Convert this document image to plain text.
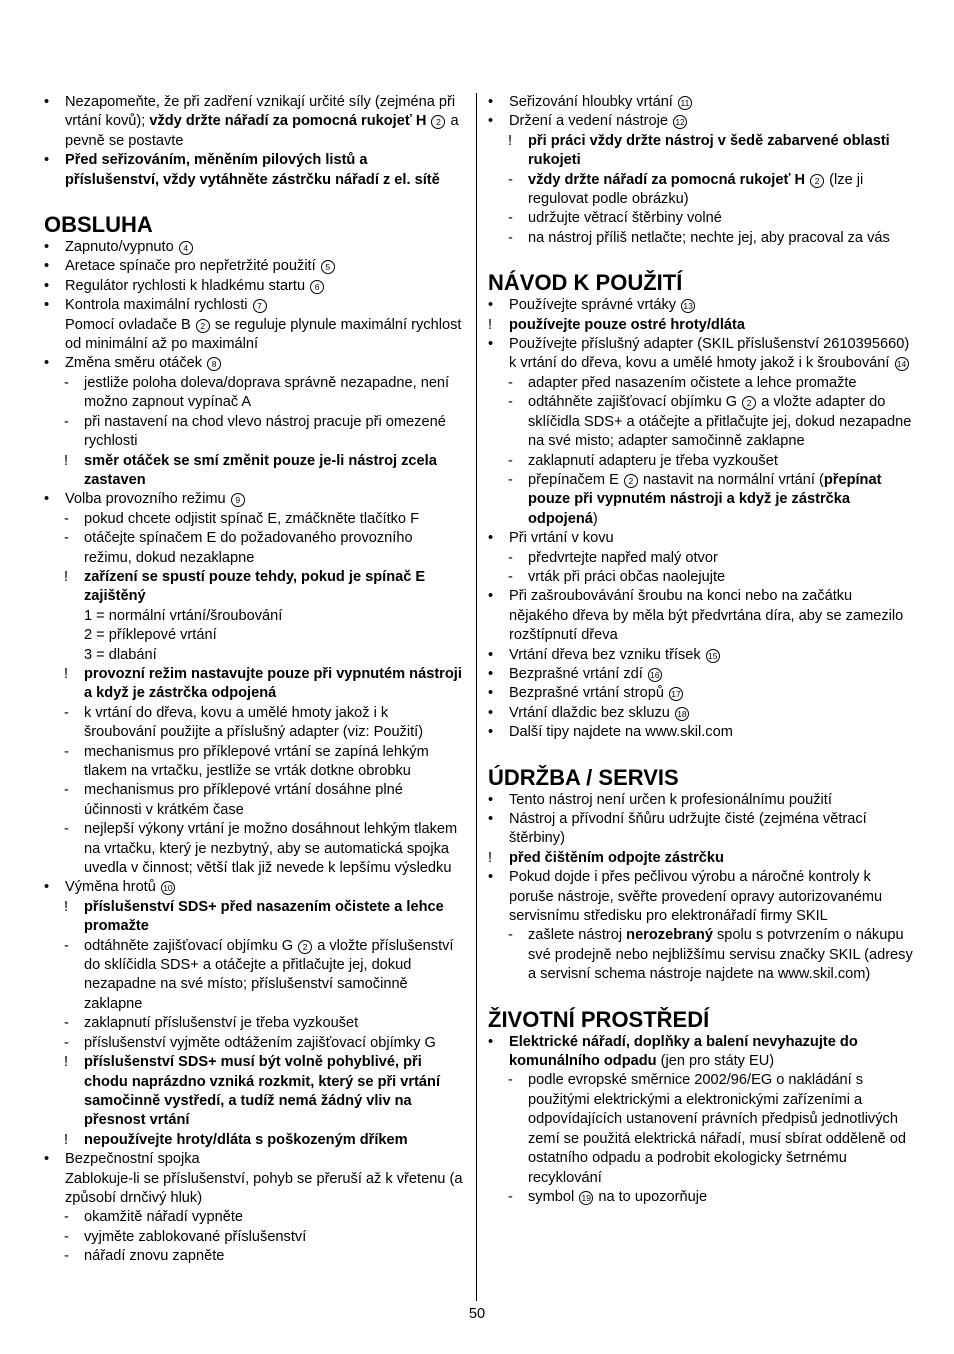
• Nezapomeňte, že při zadření vznikají určité síly (zejména při vrtání kovů); vždy držte nářadí za pomocná rukojeť H 2 a pevně se postavte
• Před seřizováním, měněním pilových listů a příslušenství, vždy vytáhněte zástrčku nářadí z el. sítě
OBSLUHA
• Zapnuto/vypnuto 4
• Aretace spínače pro nepřetržité použití 5
• Regulátor rychlosti k hladkému startu 6
• Kontrola maximální rychlosti 7
Pomocí ovladače B 2 se reguluje plynule maximální rychlost od minimální až po maximální
• Změna směru otáček 8
- jestliže poloha doleva/doprava správně nezapadne, není možno zapnout vypínač A
- při nastavení na chod vlevo nástroj pracuje při omezené rychlosti
! směr otáček se smí změnit pouze je-li nástroj zcela zastaven
• Volba provozního režimu 9
- pokud chcete odjistit spínač E, zmáčkněte tlačítko F
- otáčejte spínačem E do požadovaného provozního režimu, dokud nezaklapne
! zařízení se spustí pouze tehdy, pokud je spínač E zajištěný
1 = normální vrtání/šroubování
2 = příklepové vrtání
3 = dlabání
! provozní režim nastavujte pouze při vypnutém nástroji a když je zástrčka odpojená
- k vrtání do dřeva, kovu a umělé hmoty jakož i k šroubování použijte a příslušný adapter (viz: Použití)
- mechanismus pro příklepové vrtání se zapíná lehkým tlakem na vrtačku, jestliže se vrták dotkne obrobku
- mechanismus pro příklepové vrtání dosáhne plné účinnosti v krátkém čase
- nejlepší výkony vrtání je možno dosáhnout lehkým tlakem na vrtačku, který je nezbytný, aby se automatická spojka uvedla v činnost; větší tlak již nevede k lepšímu výsledku
• Výměna hrotů 10
! příslušenství SDS+ před nasazením očistete a lehce promažte
- odtáhněte zajišťovací objímku G 2 a vložte příslušenství do sklíčidla SDS+ a otáčejte a přitlačujte jej, dokud nezapadne na své místo; příslušenství samočinně zaklapne
- zaklapnutí příslušenství je třeba vyzkoušet
- příslušenství vyjměte odtážením zajišťovací objímky G
! příslušenství SDS+ musí být volně pohyblivé, při chodu naprázdno vzniká rozkmit, který se při vrtání samočinně vystředí, a tudíž nemá žádný vliv na přesnost vrtání
! nepoužívejte hroty/dláta s poškozeným dříkem
• Bezpečnostní spojka
Zablokuje-li se příslušenství, pohyb se přeruší až k vřetenu (a způsobí drnčivý hluk)
- okamžitě nářadí vypněte
- vyjměte zablokované příslušenství
- nářadí znovu zapněte
• Seřizování hloubky vrtání 11
• Držení a vedení nástroje 12
! při práci vždy držte nástroj v šedě zabarvené oblasti rukojeti
- vždy držte nářadí za pomocná rukojeť H 2 (lze ji regulovat podle obrázku)
- udržujte větrací štěrbiny volné
- na nástroj příliš netlačte; nechte jej, aby pracoval za vás
NÁVOD K POUŽITÍ
• Používejte správné vrtáky 13
! používejte pouze ostré hroty/dláta
• Používejte příslušný adapter (SKIL příslušenství 2610395660) k vrtání do dřeva, kovu a umělé hmoty jakož i k šroubování 14
- adapter před nasazením očistete a lehce promažte
- odtáhněte zajišťovací objímku G 2 a vložte adapter do sklíčidla SDS+ a otáčejte a přitlačujte jej, dokud nezapadne na své misto; adapter samočinně zaklapne
- zaklapnutí adapteru je třeba vyzkoušet
- přepínačem E 2 nastavit na normální vrtání (přepínat pouze při vypnutém nástroji a když je zástrčka odpojená)
• Při vrtání v kovu
- předvrtejte napřed malý otvor
- vrták při práci občas naolejujte
• Při zašroubovávání šroubu na konci nebo na začátku nějakého dřeva by měla být předvrtána díra, aby se zamezilo rozštípnutí dřeva
• Vrtání dřeva bez vzniku třísek 15
• Bezprašné vrtání zdí 16
• Bezprašné vrtání stropů 17
• Vrtání dlaždic bez skluzu 18
• Další tipy najdete na www.skil.com
ÚDRŽBA / SERVIS
• Tento nástroj není určen k profesionálnímu použití
• Nástroj a přívodní šňůru udržujte čisté (zejména větrací štěrbiny)
! před čištěním odpojte zástrčku
• Pokud dojde i přes pečlivou výrobu a náročné kontroly k poruše nástroje, svěřte provedení opravy autorizovanému servisnímu středisku pro elektronářadí firmy SKIL
- zašlete nástroj nerozebraný spolu s potvrzením o nákupu své prodejně nebo nejbližšímu servisu značky SKIL (adresy a servisní schema nástroje najdete na www.skil.com)
ŽIVOTNÍ PROSTŘEDÍ
• Elektrické nářadí, doplňky a balení nevyhazujte do komunálního odpadu (jen pro státy EU)
- podle evropské směrnice 2002/96/EG o nakládání s použitými elektrickými a elektronickými zařízeními a odpovídajících ustanovení právních předpisů jednotlivých zemí se použitá elektrická nářadí, musí sbírat odděleně od ostatního odpadu a podrobit ekologicky šetrnému recyklování
- symbol 19 na to upozorňuje
50
